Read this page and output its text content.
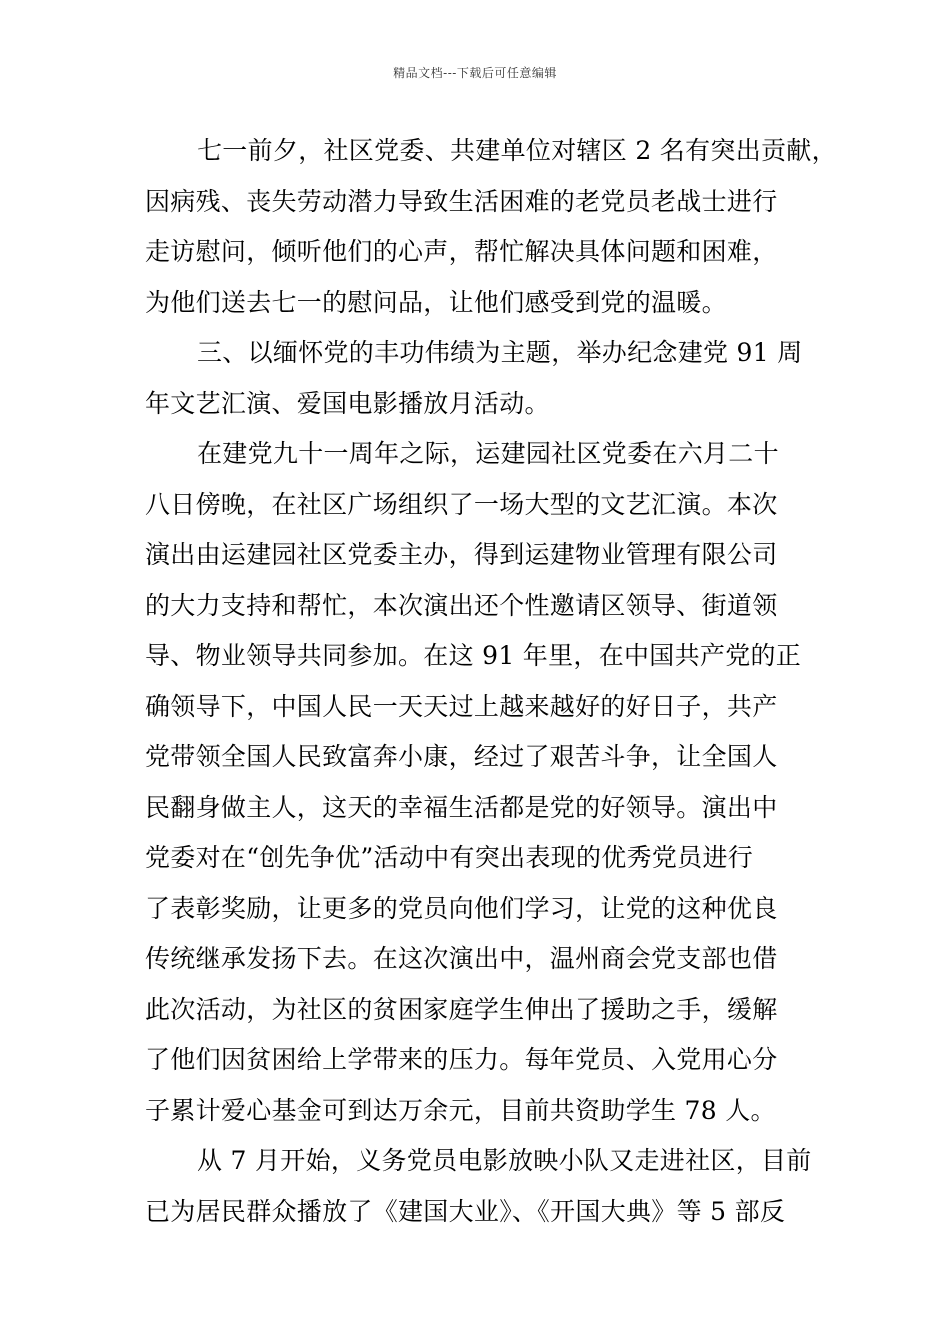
精品文档---下载后可任意编辑
七一前夕，社区党委、共建单位对辖区 2 名有突出贡献，
因病残、丧失劳动潜力导致生活困难的老党员老战士进行
走访慰问，倾听他们的心声，帮忙解决具体问题和困难，
为他们送去七一的慰问品，让他们感受到党的温暖。
三、以缅怀党的丰功伟绩为主题，举办纪念建党 91 周
年文艺汇演、爱国电影播放月活动。
在建党九十一周年之际，运建园社区党委在六月二十
八日傍晚，在社区广场组织了一场大型的文艺汇演。本次
演出由运建园社区党委主办，得到运建物业管理有限公司
的大力支持和帮忙，本次演出还个性邀请区领导、街道领
导、物业领导共同参加。在这 91 年里，在中国共产党的正
确领导下，中国人民一天天过上越来越好的好日子，共产
党带领全国人民致富奔小康，经过了艰苦斗争，让全国人
民翻身做主人，这天的幸福生活都是党的好领导。演出中
党委对在“创先争优”活动中有突出表现的优秀党员进行
了表彰奖励，让更多的党员向他们学习，让党的这种优良
传统继承发扬下去。在这次演出中，温州商会党支部也借
此次活动，为社区的贫困家庭学生伸出了援助之手，缓解
了他们因贫困给上学带来的压力。每年党员、入党用心分
子累计爱心基金可到达万余元，目前共资助学生 78 人。
从 7 月开始，义务党员电影放映小队又走进社区，目前
已为居民群众播放了《建国大业》、《开国大典》等 5 部反
